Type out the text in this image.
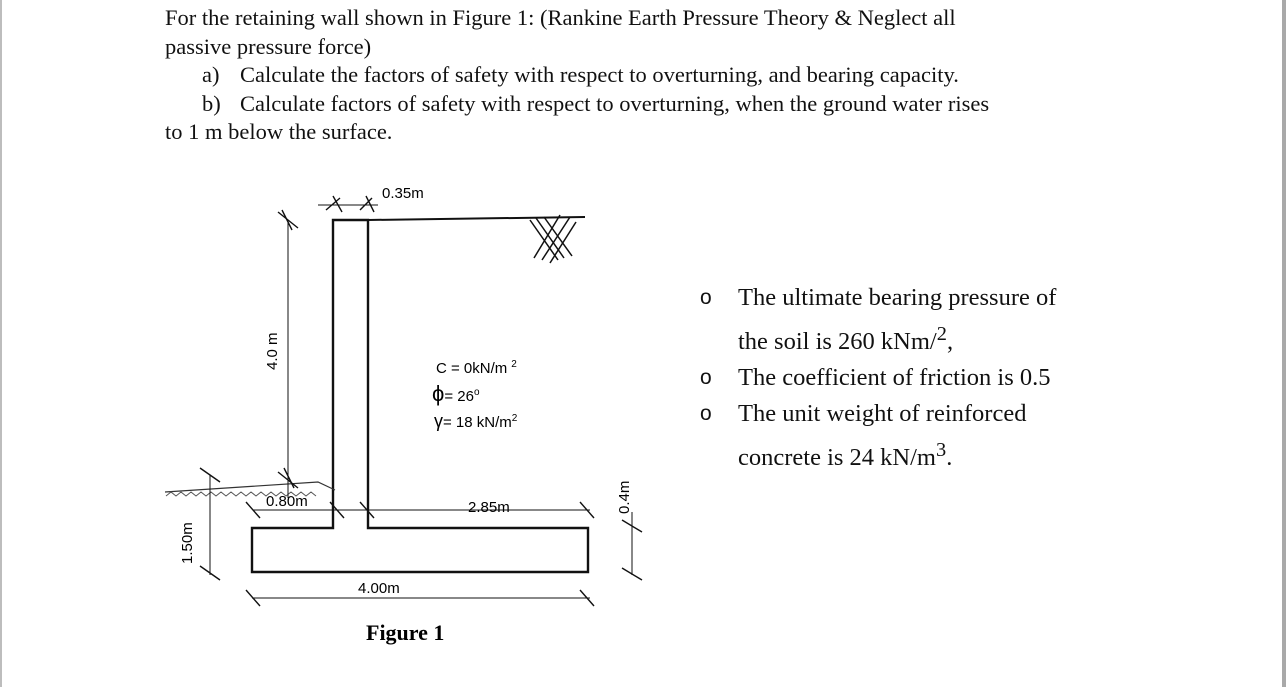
For the retaining wall shown in Figure 1: (Rankine Earth Pressure Theory & Neglect all
passive pressure force)
a) Calculate the factors of safety with respect to overturning, and bearing capacity.
b) Calculate factors of safety with respect to overturning, when the ground water rises
to 1 m below the surface.
0.35m
4.0 m
0.80m	2.85m
4.00m
0.4m
1.50m
C = 0kN/m $^2$
$\phi= 26^o$
γ= 18 $kN/m^2$
Figure 1
o The ultimate bearing pressure of
the soil is 260 kNm/$^2$,
o The coefficient of friction is 0.5
o The unit weight of reinforced
concrete is 24 $kN/m^3$.
